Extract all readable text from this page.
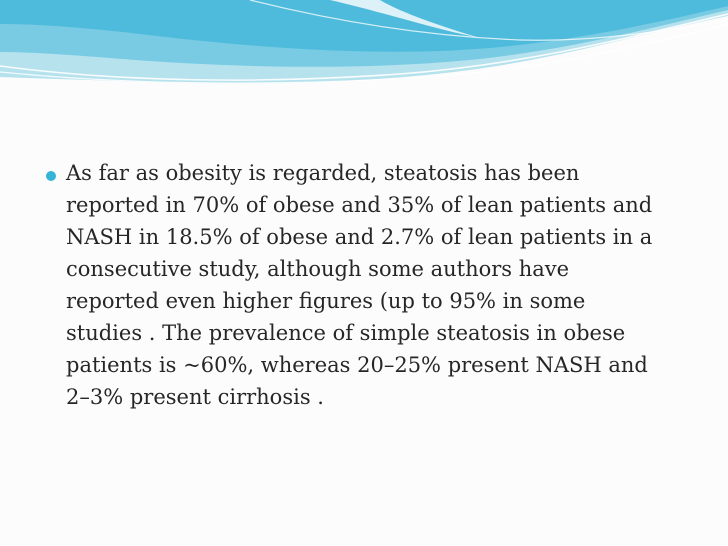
As far as obesity is regarded, steatosis has been
reported in 70% of obese and 35% of lean patients and
NASH in 18.5% of obese and 2.7% of lean patients in a
consecutive study, although some authors have
reported even higher figures (up to 95% in some
studies . The prevalence of simple steatosis in obese
patients is ~60%, whereas 20–25% present NASH and
2–3% present cirrhosis .
